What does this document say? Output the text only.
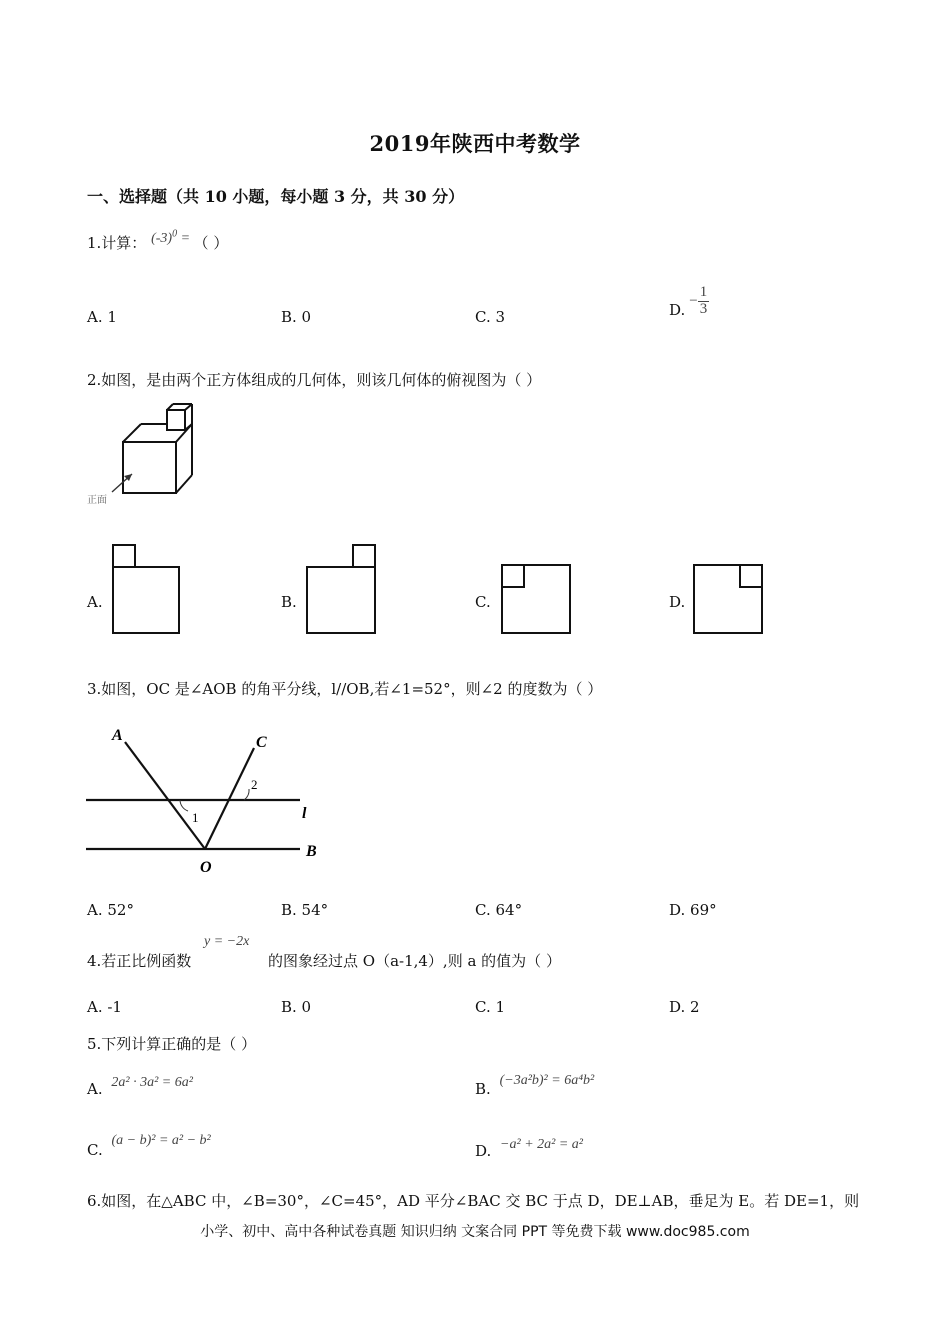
2019年陕西中考数学
一、选择题（共 10 小题，每小题 3 分，共 30 分）
1.计算： $(-3)^0$ = （ ）
A. 1	B. 0	C. 3	D.
− $\frac{1}{3}$
2.如图，是由两个正方体组成的几何体，则该几何体的俯视图为（ ）
正面
A.	B.	C.	D.
3.如图，OC 是∠AOB 的角平分线，l//OB,若∠1=52°，则∠2 的度数为（ ）
A	C
l
B
O
1
2
A. 52°	B. 54°	C. 64°	D. 69°
4.若正比例函数
y = −2x
的图象经过点 O（a-1,4）,则 a 的值为（ ）
A. -1	B. 0	C. 1	D. 2
5.下列计算正确的是（ ）
A. 2a² · 3a² = 6a²	B. (−3a²b)² = 6a⁴b²
C. (a − b)² = a² − b²
D. −a² + 2a² = a²
6.如图，在△ABC 中，∠B=30°，∠C=45°，AD 平分∠BAC 交 BC 于点 D，DE⊥AB，垂足为 E。若 DE=1，则
小学、初中、高中各种试卷真题 知识归纳 文案合同 PPT 等免费下载 www.doc985.com
